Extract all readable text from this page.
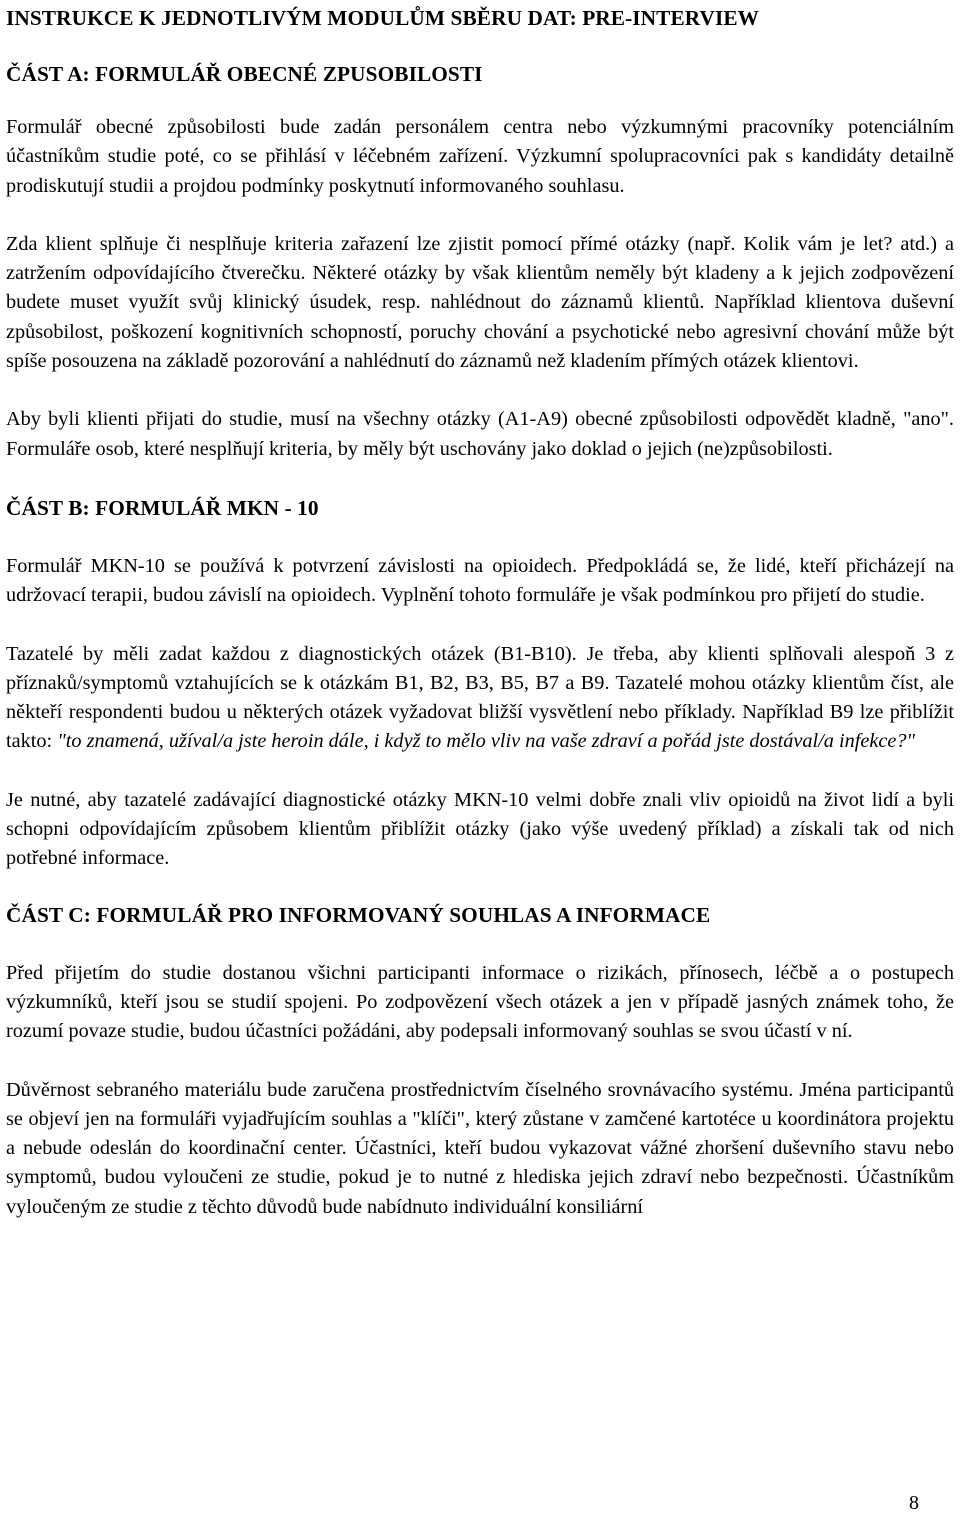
INSTRUKCE K JEDNOTLIVÝM MODULŮM SBĚRU DAT: PRE-INTERVIEW
ČÁST A: FORMULÁŘ OBECNÉ ZPUSOBILOSTI

Formulář obecné způsobilosti bude zadán personálem centra nebo výzkumnými pracovníky potenciálním účastníkům studie poté, co se přihlásí v léčebném zařízení. Výzkumní spolupracovníci pak s kandidáty detailně prodiskutují studii a projdou podmínky poskytnutí informovaného souhlasu.

Zda klient splňuje či nesplňuje kriteria zařazení lze zjistit pomocí přímé otázky (např. Kolik vám je let? atd.) a zatržením odpovídajícího čtverečku. Některé otázky by však klientům neměly být kladeny a k jejich zodpovězení budete muset využít svůj klinický úsudek, resp. nahlédnout do záznamů klientů. Například klientova duševní způsobilost, poškození kognitivních schopností, poruchy chování a psychotické nebo agresivní chování může být spíše posouzena na základě pozorování a nahlédnutí do záznamů než kladením přímých otázek klientovi.

Aby byli klienti přijati do studie, musí na všechny otázky (A1-A9) obecné způsobilosti odpovědět kladně, "ano". Formuláře osob, které nesplňují kriteria, by měly být uschovány jako doklad o jejich (ne)způsobilosti.

ČÁST B: FORMULÁŘ MKN - 10

Formulář MKN-10 se používá k potvrzení závislosti na opioidech. Předpokládá se, že lidé, kteří přicházejí na udržovací terapii, budou závislí na opioidech. Vyplnění tohoto formuláře je však podmínkou pro přijetí do studie.

Tazatelé by měli zadat každou z diagnostických otázek (B1-B10). Je třeba, aby klienti splňovali alespoň 3 z příznaků/symptomů vztahujících se k otázkám B1, B2, B3, B5, B7 a B9. Tazatelé mohou otázky klientům číst, ale někteří respondenti budou u některých otázek vyžadovat bližší vysvětlení nebo příklady. Například B9 lze přiblížit takto: "to znamená, užíval/a jste heroin dále, i když to mělo vliv na vaše zdraví a pořád jste dostával/a infekce?"

Je nutné, aby tazatelé zadávající diagnostické otázky MKN-10 velmi dobře znali vliv opioidů na život lidí a byli schopni odpovídajícím způsobem klientům přiblížit otázky (jako výše uvedený příklad) a získali tak od nich potřebné informace.

ČÁST C: FORMULÁŘ PRO INFORMOVANÝ SOUHLAS A INFORMACE

Před přijetím do studie dostanou všichni participanti informace o rizikách, přínosech, léčbě a o postupech výzkumníků, kteří jsou se studií spojeni. Po zodpovězení všech otázek a jen v případě jasných známek toho, že rozumí povaze studie, budou účastníci požádáni, aby podepsali informovaný souhlas se svou účastí v ní.

Důvěrnost sebraného materiálu bude zaručena prostřednictvím číselného srovnávacího systému. Jména participantů se objeví jen na formuláři vyjadřujícím souhlas a "klíči", který zůstane v zamčené kartotéce u koordinátora projektu a nebude odeslán do koordinační center. Účastníci, kteří budou vykazovat vážné zhoršení duševního stavu nebo symptomů, budou vyloučeni ze studie, pokud je to nutné z hlediska jejich zdraví nebo bezpečnosti. Účastníkům vyloučeným ze studie z těchto důvodů bude nabídnuto individuální konsiliární

8
